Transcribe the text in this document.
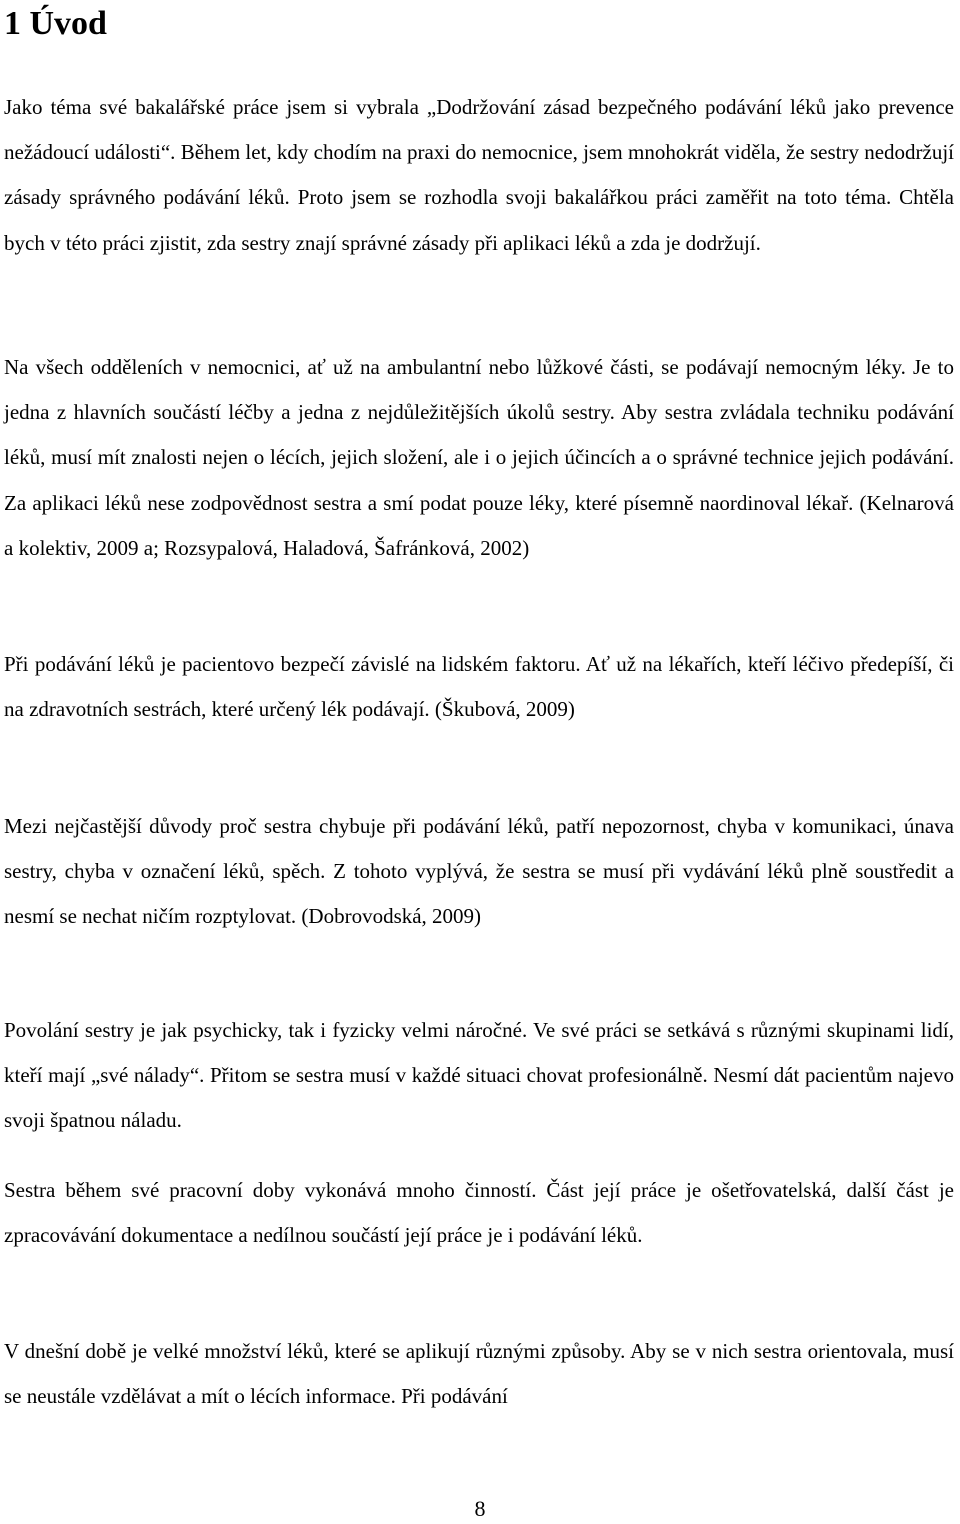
1 Úvod

Jako téma své bakalářské práce jsem si vybrala „Dodržování zásad bezpečného podávání léků jako prevence nežádoucí události“. Během let, kdy chodím na praxi do nemocnice, jsem mnohokrát viděla, že sestry nedodržují zásady správného podávání léků. Proto jsem se rozhodla svoji bakalářkou práci zaměřit na toto téma. Chtěla bych v této práci zjistit, zda sestry znají správné zásady při aplikaci léků a zda je dodržují.

Na všech odděleních v nemocnici, ať už na ambulantní nebo lůžkové části, se podávají nemocným léky. Je to jedna z hlavních součástí léčby a jedna z nejdůležitějších úkolů sestry. Aby sestra zvládala techniku podávání léků, musí mít znalosti nejen o lécích, jejich složení, ale i o jejich účincích a o správné technice jejich podávání. Za aplikaci léků nese zodpovědnost sestra a smí podat pouze léky, které písemně naordinoval lékař. (Kelnarová a kolektiv, 2009 a; Rozsypalová, Haladová, Šafránková, 2002)

Při podávání léků je pacientovo bezpečí závislé na lidském faktoru. Ať už na lékařích, kteří léčivo předepíší, či na zdravotních sestrách, které určený lék podávají. (Škubová, 2009)

Mezi nejčastější důvody proč sestra chybuje při podávání léků, patří nepozornost, chyba v komunikaci, únava sestry, chyba v označení léků, spěch. Z tohoto vyplývá, že sestra se musí při vydávání léků plně soustředit a nesmí se nechat ničím rozptylovat. (Dobrovodská, 2009)

Povolání sestry je jak psychicky, tak i fyzicky velmi náročné. Ve své práci se setkává s různými skupinami lidí, kteří mají „své nálady“. Přitom se sestra musí v každé situaci chovat profesionálně. Nesmí dát pacientům najevo svoji špatnou náladu.

Sestra během své pracovní doby vykonává mnoho činností. Část její práce je ošetřovatelská, další část je zpracovávání dokumentace a nedílnou součástí její práce je i podávání léků.

V dnešní době je velké množství léků, které se aplikují různými způsoby. Aby se v nich sestra orientovala, musí se neustále vzdělávat a mít o lécích informace. Při podávání

8
